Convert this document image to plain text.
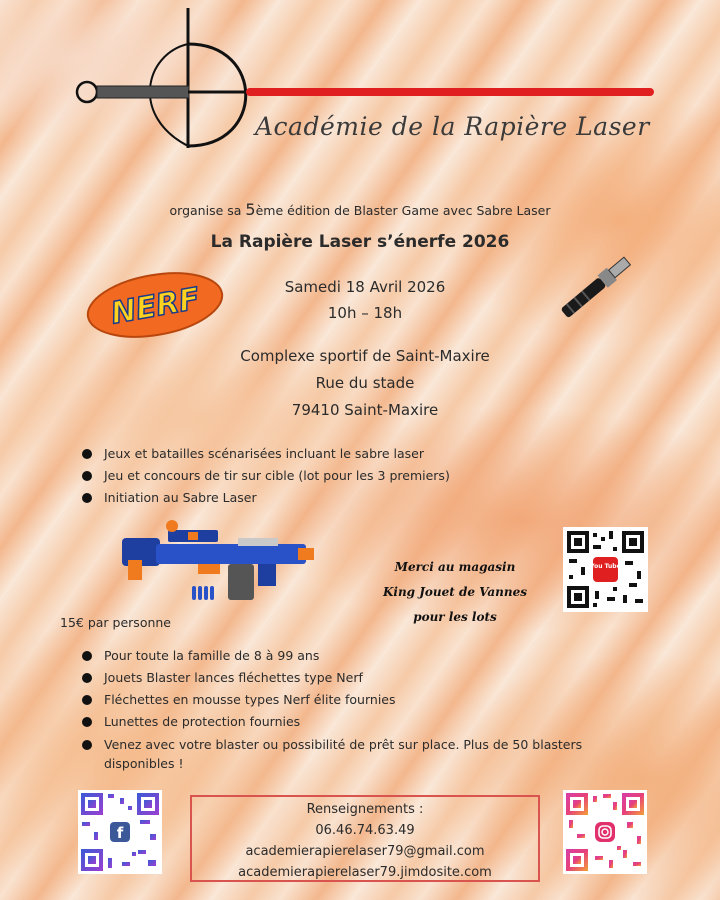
Académie de la Rapière Laser
organise sa 5ème édition de Blaster Game avec Sabre Laser
La Rapière Laser s’énerfe 2026
NERF	Samedi 18 Avril 2026
10h – 18h
Complexe sportif de Saint-Maxire
Rue du stade
79410 Saint-Maxire
Jeux et batailles scénarisées incluant le sabre laser
Jeu et concours de tir sur cible (lot pour les 3 premiers)
Initiation au Sabre Laser
Merci au magasin
King Jouet de Vannes
pour les lots
You Tube
15€ par personne
Pour toute la famille de 8 à 99 ans
Jouets Blaster lances fléchettes type Nerf
Fléchettes en mousse types Nerf élite fournies
Lunettes de protection fournies
Venez avec votre blaster ou possibilité de prêt sur place. Plus de 50 blasters disponibles !
f
Renseignements :
06.46.74.63.49
academierapierelaser79@gmail.com
academierapierelaser79.jimdosite.com
